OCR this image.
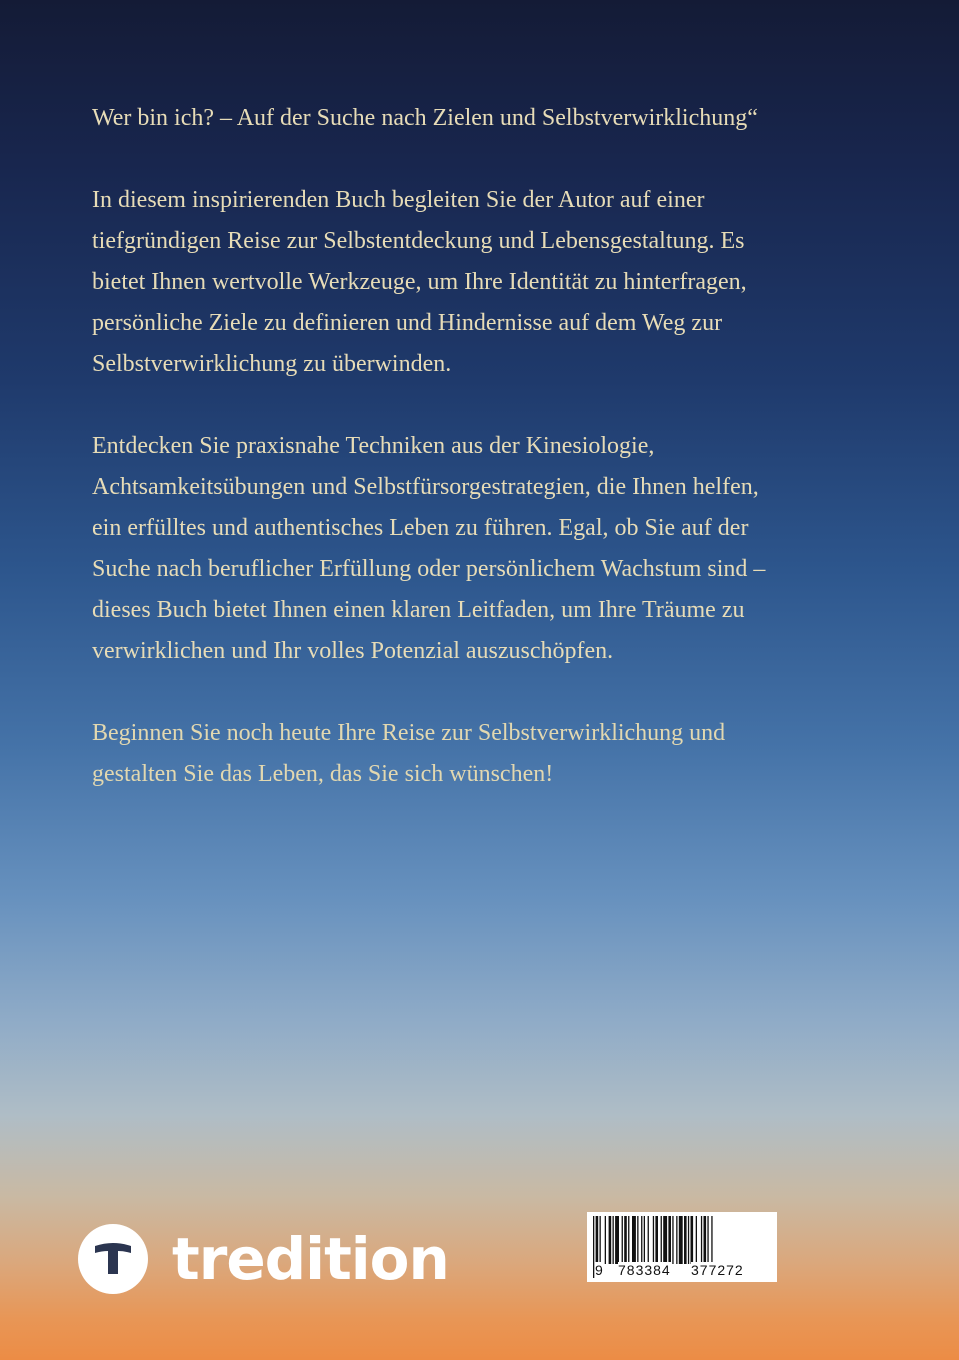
Wer bin ich? – Auf der Suche nach Zielen und Selbstverwirklichung“

In diesem inspirierenden Buch begleiten Sie der Autor auf einer
tiefgründigen Reise zur Selbstentdeckung und Lebensgestaltung. Es
bietet Ihnen wertvolle Werkzeuge, um Ihre Identität zu hinterfragen,
persönliche Ziele zu definieren und Hindernisse auf dem Weg zur
Selbstverwirklichung zu überwinden.

Entdecken Sie praxisnahe Techniken aus der Kinesiologie,
Achtsamkeitsübungen und Selbstfürsorgestrategien, die Ihnen helfen,
ein erfülltes und authentisches Leben zu führen. Egal, ob Sie auf der
Suche nach beruflicher Erfüllung oder persönlichem Wachstum sind –
dieses Buch bietet Ihnen einen klaren Leitfaden, um Ihre Träume zu
verwirklichen und Ihr volles Potenzial auszuschöpfen.

Beginnen Sie noch heute Ihre Reise zur Selbstverwirklichung und
gestalten Sie das Leben, das Sie sich wünschen!

tredition	9 783384 377272
